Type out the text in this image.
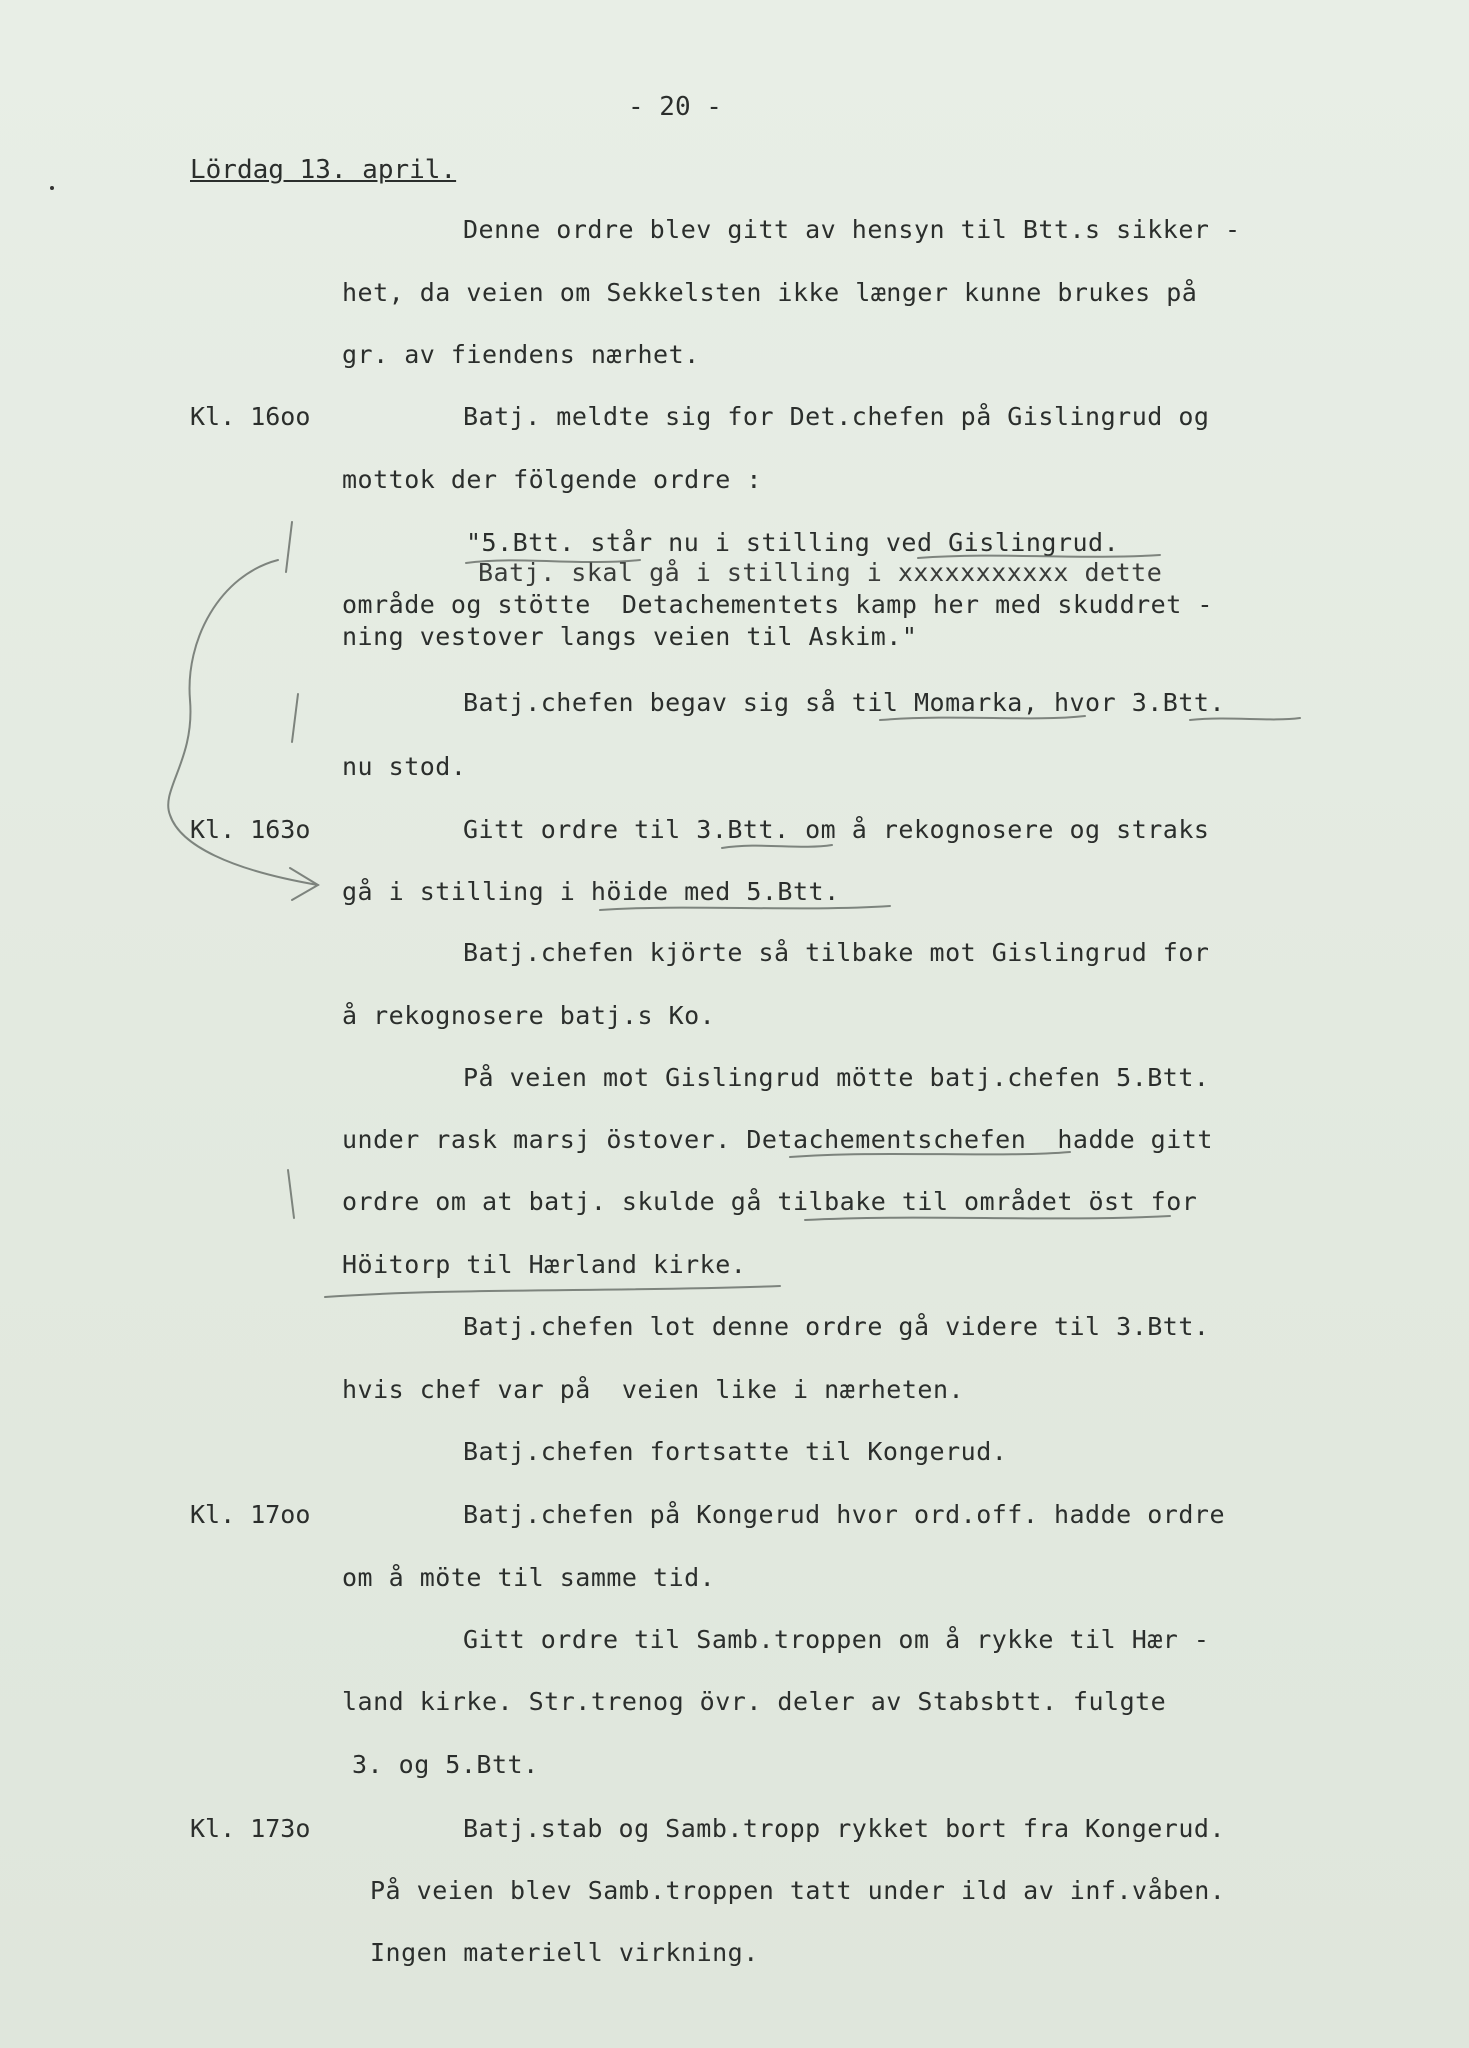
- 20 -
Lördag 13. april.
Kl. 16oo
Kl. 163o
Kl. 17oo
Kl. 173o
Denne ordre blev gitt av hensyn til Btt.s sikker -
het, da veien om Sekkelsten ikke længer kunne brukes på
gr. av fiendens nærhet.
Batj. meldte sig for Det.chefen på Gislingrud og
mottok der fölgende ordre :
"5.Btt. står nu i stilling ved Gislingrud.
Batj. skal gå i stilling i xxxxxxxxxxx dette
område og stötte  Detachementets kamp her med skuddret -
ning vestover langs veien til Askim."
Batj.chefen begav sig så til Momarka, hvor 3.Btt.
nu stod.
Gitt ordre til 3.Btt. om å rekognosere og straks
gå i stilling i höide med 5.Btt.
Batj.chefen kjörte så tilbake mot Gislingrud for
å rekognosere batj.s Ko.
På veien mot Gislingrud mötte batj.chefen 5.Btt.
under rask marsj östover. Detachementschefen  hadde gitt
ordre om at batj. skulde gå tilbake til området öst for
Höitorp til Hærland kirke.
Batj.chefen lot denne ordre gå videre til 3.Btt.
hvis chef var på  veien like i nærheten.
Batj.chefen fortsatte til Kongerud.
Batj.chefen på Kongerud hvor ord.off. hadde ordre
om å möte til samme tid.
Gitt ordre til Samb.troppen om å rykke til Hær -
land kirke. Str.trenog övr. deler av Stabsbtt. fulgte
3. og 5.Btt.
Batj.stab og Samb.tropp rykket bort fra Kongerud.
På veien blev Samb.troppen tatt under ild av inf.våben.
Ingen materiell virkning.
